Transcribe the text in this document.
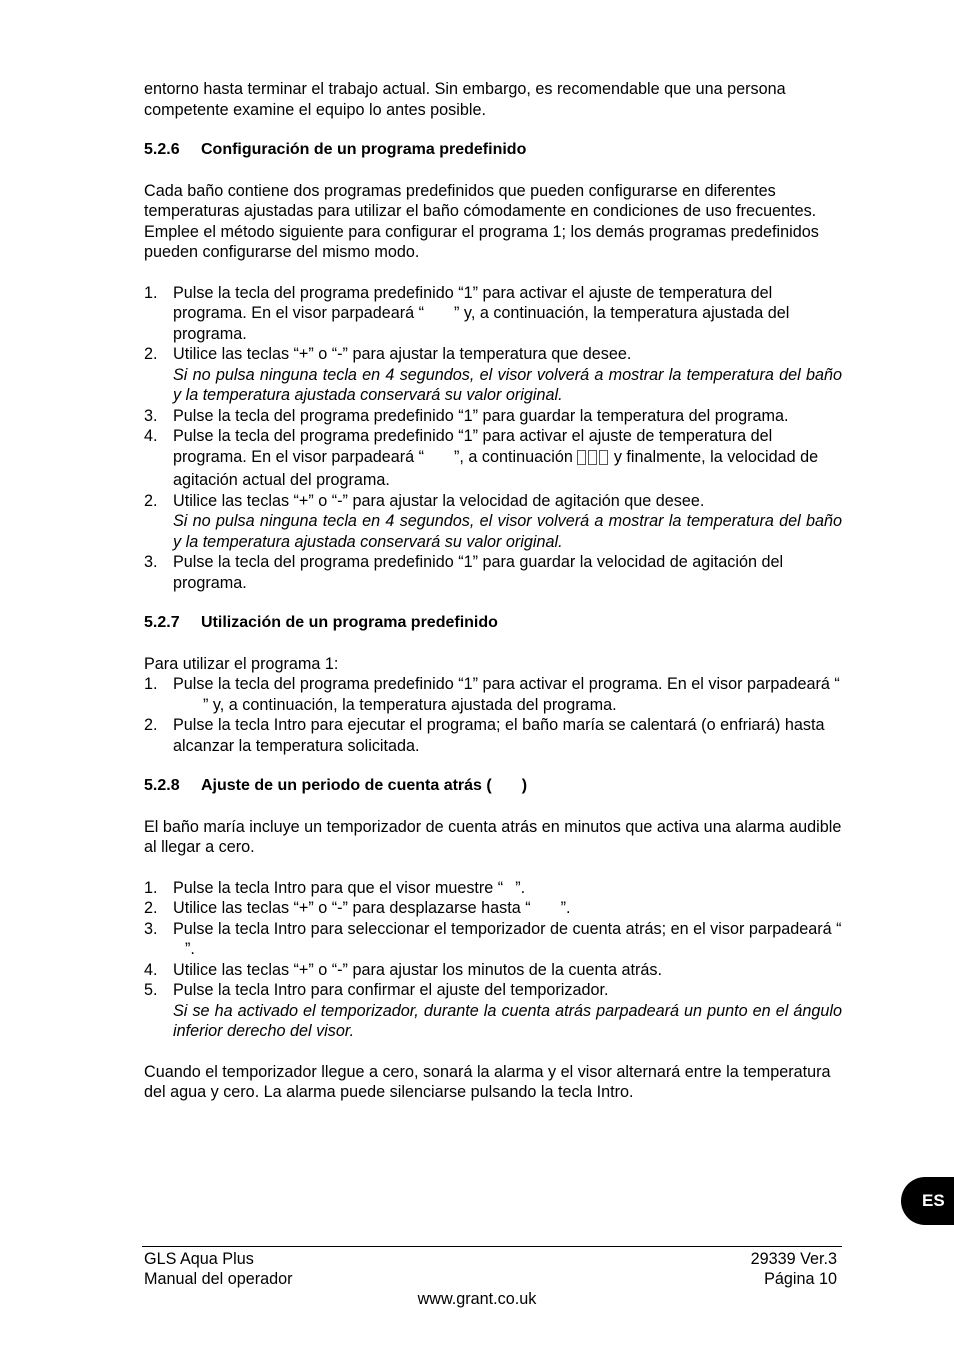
entorno hasta terminar el trabajo actual. Sin embargo, es recomendable que una persona competente examine el equipo lo antes posible.

5.2.6 Configuración de un programa predefinido

Cada baño contiene dos programas predefinidos que pueden configurarse en diferentes temperaturas ajustadas para utilizar el baño cómodamente en condiciones de uso frecuentes. Emplee el método siguiente para configurar el programa 1; los demás programas predefinidos pueden configurarse del mismo modo.

1. Pulse la tecla del programa predefinido “1” para activar el ajuste de temperatura del programa. En el visor parpadeará “ ” y, a continuación, la temperatura ajustada del programa.
2. Utilice las teclas “+” o “-” para ajustar la temperatura que desee.
Si no pulsa ninguna tecla en 4 segundos, el visor volverá a mostrar la temperatura del baño y la temperatura ajustada conservará su valor original.
3. Pulse la tecla del programa predefinido “1” para guardar la temperatura del programa.
4. Pulse la tecla del programa predefinido “1” para activar el ajuste de temperatura del programa. En el visor parpadeará “ ”, a continuación	y finalmente, la velocidad de agitación actual del programa.
2. Utilice las teclas “+” o “-” para ajustar la velocidad de agitación que desee.
Si no pulsa ninguna tecla en 4 segundos, el visor volverá a mostrar la temperatura del baño y la temperatura ajustada conservará su valor original.
3. Pulse la tecla del programa predefinido “1” para guardar la velocidad de agitación del programa.
5.2.7 Utilización de un programa predefinido

Para utilizar el programa 1:

1. Pulse la tecla del programa predefinido “1” para activar el programa. En el visor parpadeará “” y, a continuación, la temperatura ajustada del programa.
2. Pulse la tecla Intro para ejecutar el programa; el baño maría se calentará (o enfriará) hasta alcanzar la temperatura solicitada.
5.2.8 Ajuste de un periodo de cuenta atrás ( )

El baño maría incluye un temporizador de cuenta atrás en minutos que activa una alarma audible al llegar a cero.

1. Pulse la tecla Intro para que el visor muestre “ ”.
2. Utilice las teclas “+” o “-” para desplazarse hasta “ ”.
3. Pulse la tecla Intro para seleccionar el temporizador de cuenta atrás; en el visor parpadeará “”.
4. Utilice las teclas “+” o “-” para ajustar los minutos de la cuenta atrás.
5. Pulse la tecla Intro para confirmar el ajuste del temporizador.
Si se ha activado el temporizador, durante la cuenta atrás parpadeará un punto en el ángulo inferior derecho del visor.

Cuando el temporizador llegue a cero, sonará la alarma y el visor alternará entre la temperatura del agua y cero. La alarma puede silenciarse pulsando la tecla Intro.

ES
GLS Aqua Plus
Manual del operador
29339 Ver.3
Página 10
www.grant.co.uk
